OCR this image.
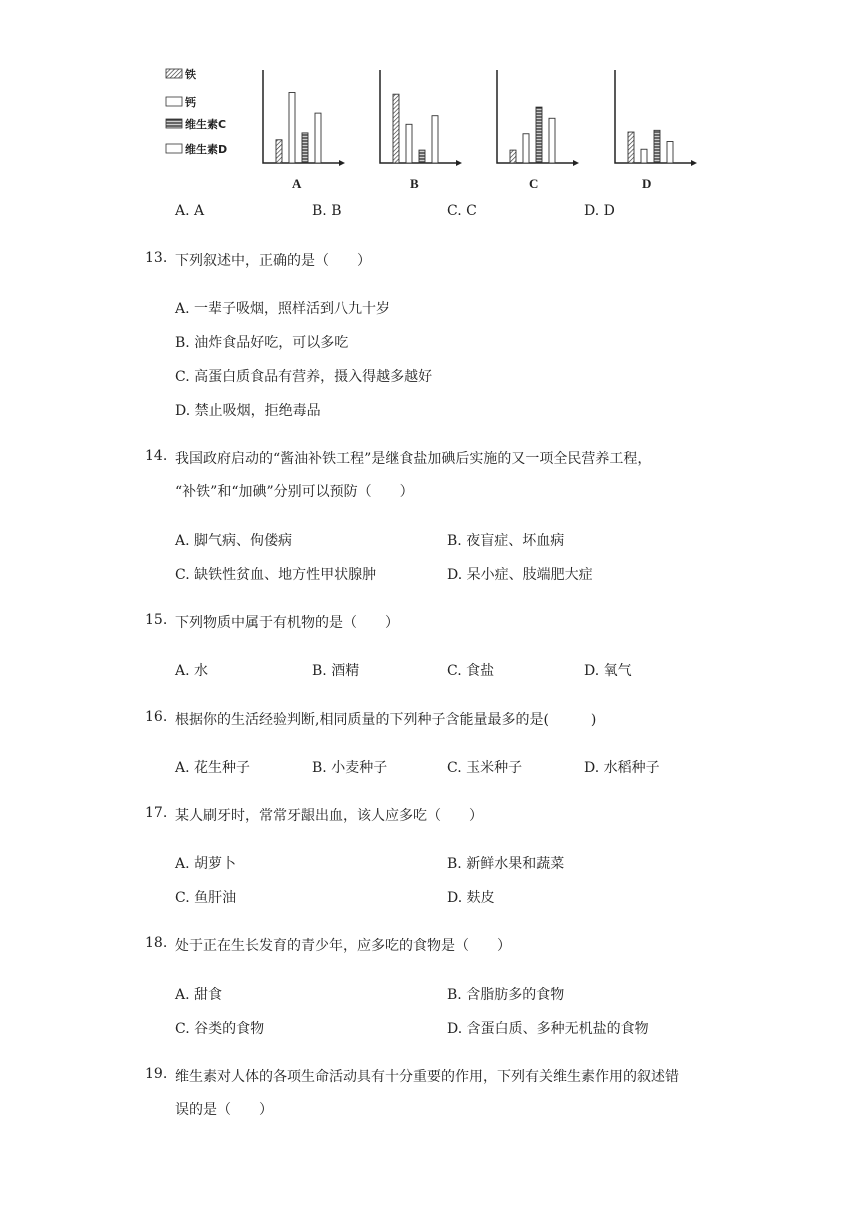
铁
钙
维生素C
维生素D
A	B	C	D
A. A	B. B	C. C	D. D
13. 下列叙述中，正确的是（　　）
A. 一辈子吸烟，照样活到八九十岁
B. 油炸食品好吃，可以多吃
C. 高蛋白质食品有营养，摄入得越多越好
D. 禁止吸烟，拒绝毒品
14. 我国政府启动的“酱油补铁工程”是继食盐加碘后实施的又一项全民营养工程，
“补铁”和“加碘”分别可以预防（　　）
A. 脚气病、佝偻病	B. 夜盲症、坏血病
C. 缺铁性贫血、地方性甲状腺肿	D. 呆小症、肢端肥大症
15. 下列物质中属于有机物的是（　　）
A. 水	B. 酒精	C. 食盐	D. 氧气
16. 根据你的生活经验判断,相同质量的下列种子含能量最多的是(　　　)
A. 花生种子	B. 小麦种子	C. 玉米种子	D. 水稻种子
17. 某人刷牙时，常常牙龈出血，该人应多吃（　　）
A. 胡萝卜	B. 新鲜水果和蔬菜
C. 鱼肝油	D. 麸皮
18. 处于正在生长发育的青少年，应多吃的食物是（　　）
A. 甜食	B. 含脂肪多的食物
C. 谷类的食物	D. 含蛋白质、多种无机盐的食物
19. 维生素对人体的各项生命活动具有十分重要的作用，下列有关维生素作用的叙述错
误的是（　　）
